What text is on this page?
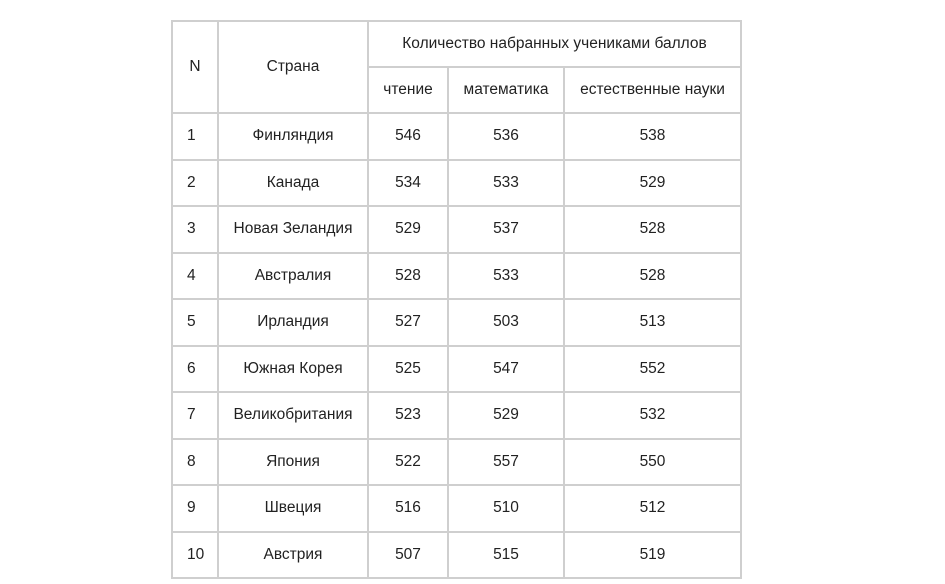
N	Страна	Количество набранных учениками баллов		
		чтение	математика	естественные науки
1	Финляндия	546	536	538
2	Канада	534	533	529
3	Новая Зеландия	529	537	528
4	Австралия	528	533	528
5	Ирландия	527	503	513
6	Южная Корея	525	547	552
7	Великобритания	523	529	532
8	Япония	522	557	550
9	Швеция	516	510	512
10	Австрия	507	515	519
